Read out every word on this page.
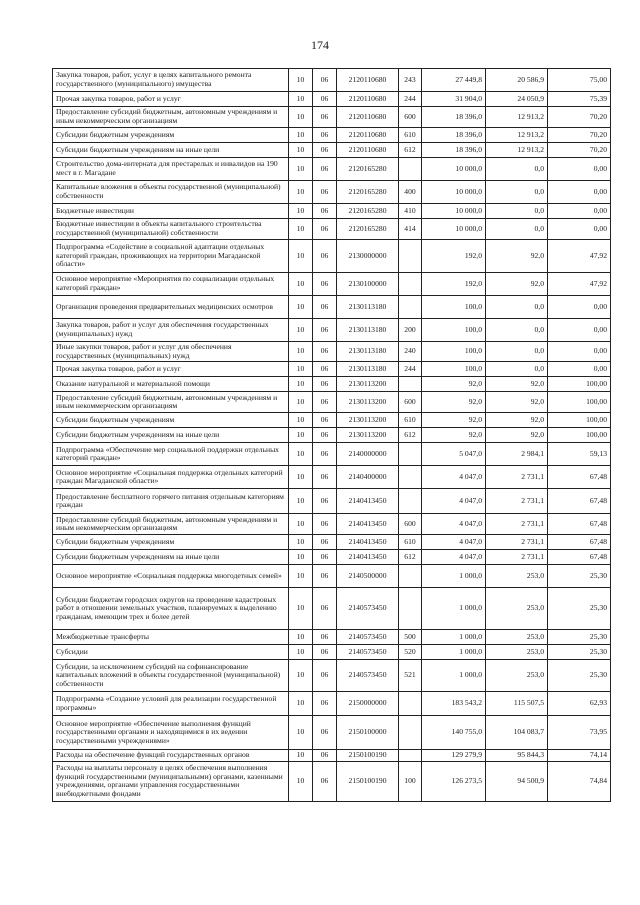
174
Закупка товаров, работ, услуг в целях капитального ремонта государственного (муниципального) имущества	10	06	2120110680	243	27 449,8	20 586,9	75,00
Прочая закупка товаров, работ и услуг	10	06	2120110680	244	31 904,0	24 050,9	75,39
Предоставление субсидий бюджетным, автономным учреждениям и иным некоммерческим организациям	10	06	2120110680	600	18 396,0	12 913,2	70,20
Субсидии бюджетным учреждениям	10	06	2120110680	610	18 396,0	12 913,2	70,20
Субсидии бюджетным учреждениям на иные цели	10	06	2120110680	612	18 396,0	12 913,2	70,20
Строительство дома-интерната для престарелых и инвалидов на 190 мест в г. Магадане	10	06	2120165280		10 000,0	0,0	0,00
Капитальные вложения в объекты государственной (муниципальной) собственности	10	06	2120165280	400	10 000,0	0,0	0,00
Бюджетные инвестиции	10	06	2120165280	410	10 000,0	0,0	0,00
Бюджетные инвестиции в объекты капитального строительства государственной (муниципальной) собственности	10	06	2120165280	414	10 000,0	0,0	0,00
Подпрограмма «Содействие в социальной адаптации отдельных категорий граждан, проживающих на территории Магаданской области»	10	06	2130000000		192,0	92,0	47,92
Основное мероприятие «Мероприятия по социализации отдельных категорий граждан»	10	06	2130100000		192,0	92,0	47,92
Организация проведения предварительных медицинских осмотров	10	06	2130113180		100,0	0,0	0,00
Закупка товаров, работ и услуг для обеспечения государственных (муниципальных) нужд	10	06	2130113180	200	100,0	0,0	0,00
Иные закупки товаров, работ и услуг для обеспечения государственных (муниципальных) нужд	10	06	2130113180	240	100,0	0,0	0,00
Прочая закупка товаров, работ и услуг	10	06	2130113180	244	100,0	0,0	0,00
Оказание натуральной и материальной помощи	10	06	2130113200		92,0	92,0	100,00
Предоставление субсидий бюджетным, автономным учреждениям и иным некоммерческим организациям	10	06	2130113200	600	92,0	92,0	100,00
Субсидии бюджетным учреждениям	10	06	2130113200	610	92,0	92,0	100,00
Субсидии бюджетным учреждениям на иные цели	10	06	2130113200	612	92,0	92,0	100,00
Подпрограмма «Обеспечение мер социальной поддержки отдельных категорий граждан»	10	06	2140000000		5 047,0	2 984,1	59,13
Основное мероприятие «Социальная поддержка отдельных категорий граждан Магаданской области»	10	06	2140400000		4 047,0	2 731,1	67,48
Предоставление бесплатного горячего питания отдельным категориям граждан	10	06	2140413450		4 047,0	2 731,1	67,48
Предоставление субсидий бюджетным, автономным учреждениям и иным некоммерческим организациям	10	06	2140413450	600	4 047,0	2 731,1	67,48
Субсидии бюджетным учреждениям	10	06	2140413450	610	4 047,0	2 731,1	67,48
Субсидии бюджетным учреждениям на иные цели	10	06	2140413450	612	4 047,0	2 731,1	67,48
Основное мероприятие «Социальная поддержка многодетных семей»	10	06	2140500000		1 000,0	253,0	25,30
Субсидии бюджетам городских округов на проведение кадастровых работ в отношении земельных участков, планируемых к выделению гражданам, имеющим трех и более детей	10	06	2140573450		1 000,0	253,0	25,30
Межбюджетные трансферты	10	06	2140573450	500	1 000,0	253,0	25,30
Субсидии	10	06	2140573450	520	1 000,0	253,0	25,30
Субсидии, за исключением субсидий на софинансирование капитальных вложений в объекты государственной (муниципальной) собственности	10	06	2140573450	521	1 000,0	253,0	25,30
Подпрограмма «Создание условий для реализации государственной программы»	10	06	2150000000		183 543,2	115 507,5	62,93
Основное мероприятие «Обеспечение выполнения функций государственными органами и находящимися в их ведении государственными учреждениями»	10	06	2150100000		140 755,0	104 083,7	73,95
Расходы на обеспечение функций государственных органов	10	06	2150100190		129 279,9	95 844,3	74,14
Расходы на выплаты персоналу в целях обеспечения выполнения функций государственными (муниципальными) органами, казенными учреждениями, органами управления государственными внебюджетными фондами	10	06	2150100190	100	126 273,5	94 500,9	74,84
